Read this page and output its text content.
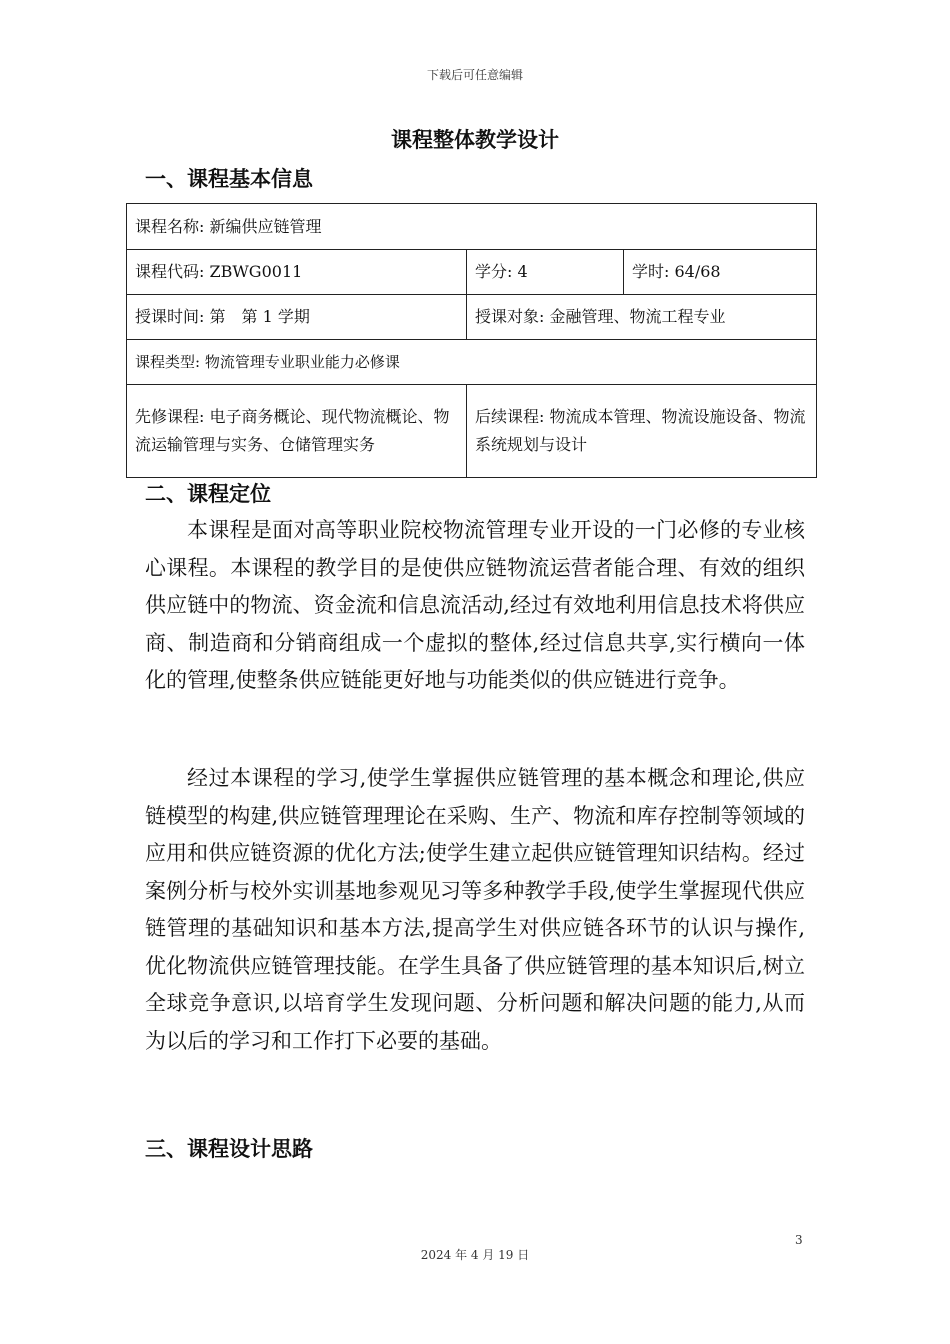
下载后可任意编辑
课程整体教学设计
一、课程基本信息
课程名称: 新编供应链管理		
课程代码: ZBWG0011	学分: 4	学时: 64/68
授课时间: 第　第 1 学期	授课对象: 金融管理、物流工程专业	
课程类型: 物流管理专业职业能力必修课		
先修课程: 电子商务概论、现代物流概论、物流运输管理与实务、仓储管理实务	后续课程: 物流成本管理、物流设施设备、物流系统规划与设计	
二、课程定位

本课程是面对高等职业院校物流管理专业开设的一门必修的专业核心课程。本课程的教学目的是使供应链物流运营者能合理、有效的组织供应链中的物流、资金流和信息流活动,经过有效地利用信息技术将供应商、制造商和分销商组成一个虚拟的整体,经过信息共享,实行横向一体化的管理,使整条供应链能更好地与功能类似的供应链进行竞争。

经过本课程的学习,使学生掌握供应链管理的基本概念和理论,供应链模型的构建,供应链管理理论在采购、生产、物流和库存控制等领域的应用和供应链资源的优化方法;使学生建立起供应链管理知识结构。经过案例分析与校外实训基地参观见习等多种教学手段,使学生掌握现代供应链管理的基础知识和基本方法,提高学生对供应链各环节的认识与操作,优化物流供应链管理技能。在学生具备了供应链管理的基本知识后,树立全球竞争意识,以培育学生发现问题、分析问题和解决问题的能力,从而为以后的学习和工作打下必要的基础。

三、课程设计思路
3
2024 年 4 月 19 日
